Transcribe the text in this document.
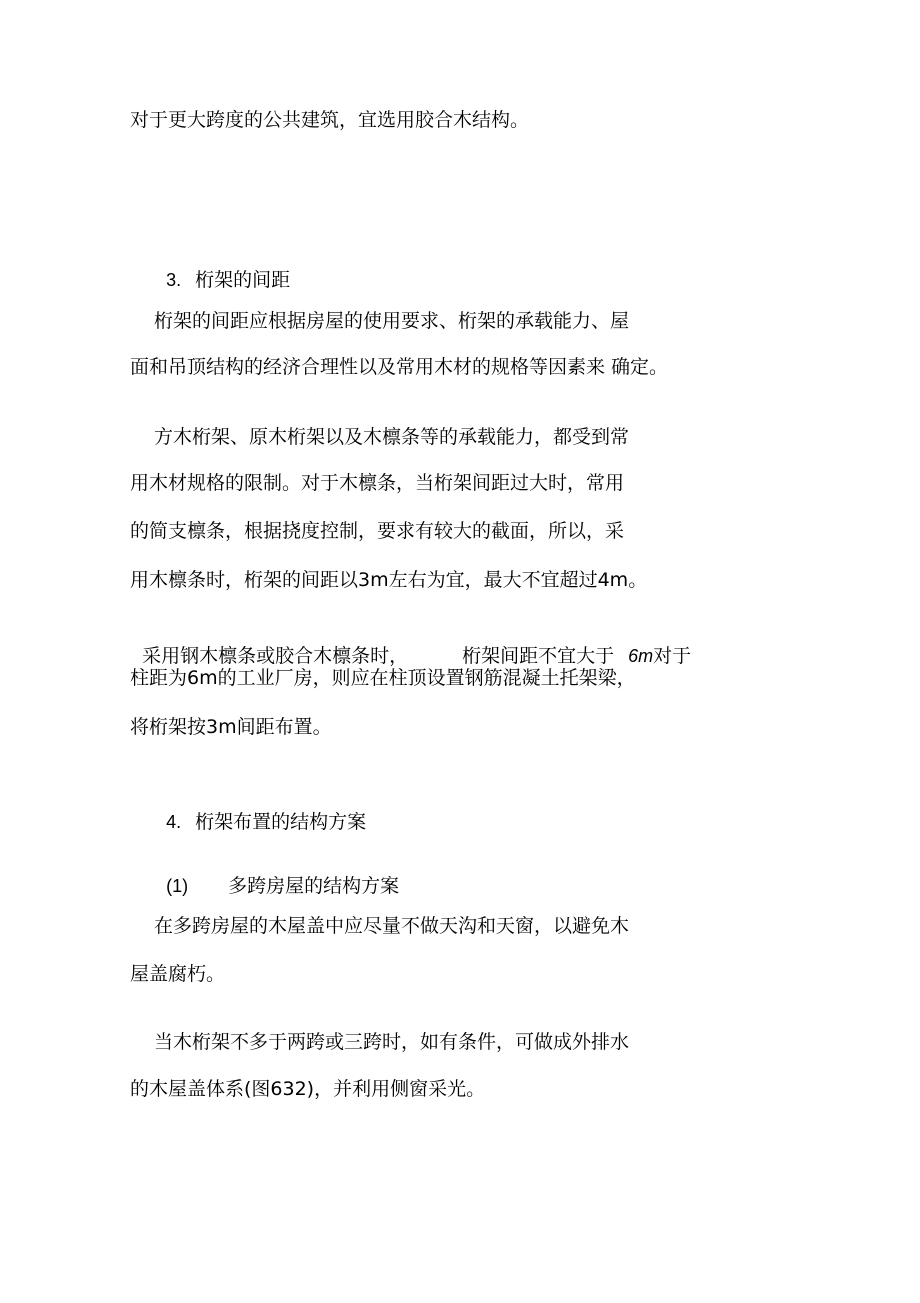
对于更大跨度的公共建筑，宜选用胶合木结构。

3. 桁架的间距

桁架的间距应根据房屋的使用要求、桁架的承载能力、屋

面和吊顶结构的经济合理性以及常用木材的规格等因素来 确定。

方木桁架、原木桁架以及木檩条等的承载能力，都受到常

用木材规格的限制。对于木檩条，当桁架间距过大时，常用

的简支檩条，根据挠度控制，要求有较大的截面，所以，采

用木檩条时，桁架的间距以3m左右为宜，最大不宜超过4m。

采用钢木檩条或胶合木檩条时，	桁架间距不宜大于 6m对于

柱距为6m的工业厂房，则应在柱顶设置钢筋混凝土托架梁，

将桁架按3m间距布置。

4. 桁架布置的结构方案

(1) 多跨房屋的结构方案

在多跨房屋的木屋盖中应尽量不做天沟和天窗，以避免木

屋盖腐朽。

当木桁架不多于两跨或三跨时，如有条件，可做成外排水

的木屋盖体系(图632)，并利用侧窗采光。
